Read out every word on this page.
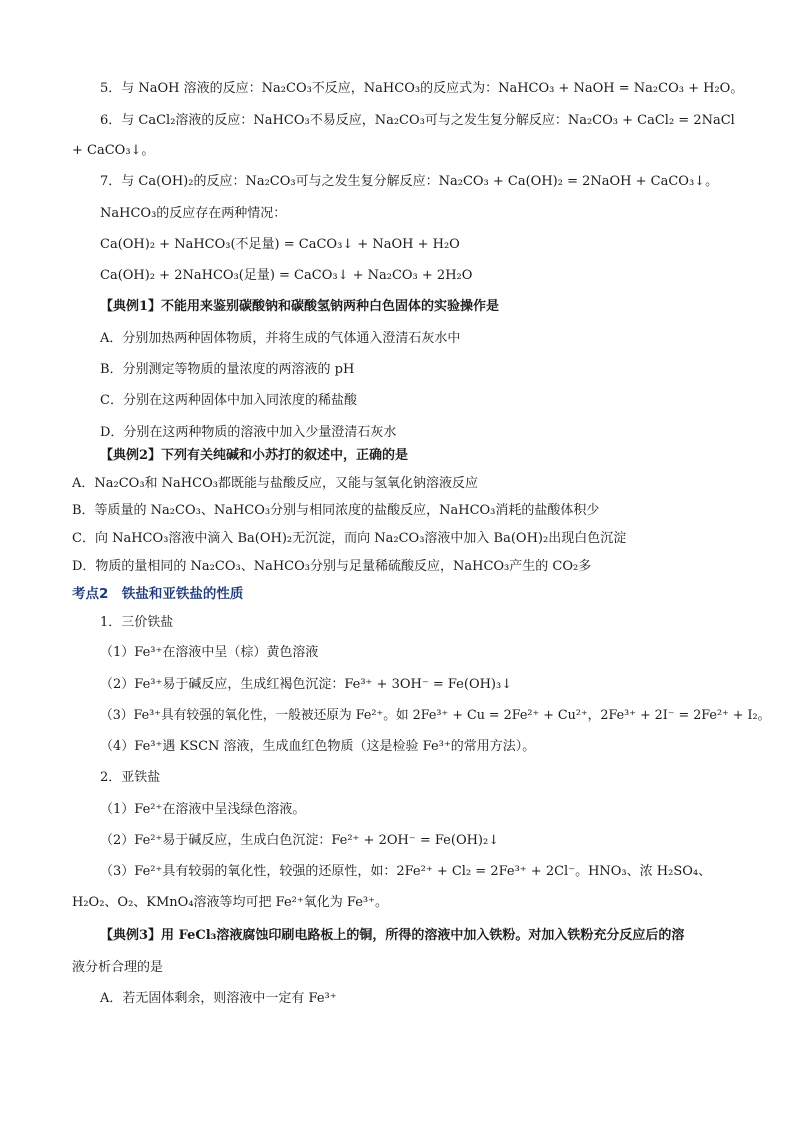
5．与 NaOH 溶液的反应：Na₂CO₃不反应，NaHCO₃的反应式为：NaHCO₃ + NaOH = Na₂CO₃ + H₂O。
6．与 CaCl₂溶液的反应：NaHCO₃不易反应，Na₂CO₃可与之发生复分解反应：Na₂CO₃ + CaCl₂ = 2NaCl
+ CaCO₃↓。
7．与 Ca(OH)₂的反应：Na₂CO₃可与之发生复分解反应：Na₂CO₃ + Ca(OH)₂ = 2NaOH + CaCO₃↓。
NaHCO₃的反应存在两种情况：
Ca(OH)₂ + NaHCO₃(不足量) = CaCO₃↓ + NaOH + H₂O
Ca(OH)₂ + 2NaHCO₃(足量) = CaCO₃↓ + Na₂CO₃ + 2H₂O
【典例1】不能用来鉴别碳酸钠和碳酸氢钠两种白色固体的实验操作是
A．分别加热两种固体物质，并将生成的气体通入澄清石灰水中
B．分别测定等物质的量浓度的两溶液的 pH
C．分别在这两种固体中加入同浓度的稀盐酸
D．分别在这两种物质的溶液中加入少量澄清石灰水
【典例2】下列有关纯碱和小苏打的叙述中，正确的是
A．Na₂CO₃和 NaHCO₃都既能与盐酸反应，又能与氢氧化钠溶液反应
B．等质量的 Na₂CO₃、NaHCO₃分别与相同浓度的盐酸反应，NaHCO₃消耗的盐酸体积少
C．向 NaHCO₃溶液中滴入 Ba(OH)₂无沉淀，而向 Na₂CO₃溶液中加入 Ba(OH)₂出现白色沉淀
D．物质的量相同的 Na₂CO₃、NaHCO₃分别与足量稀硫酸反应，NaHCO₃产生的 CO₂多
考点2　铁盐和亚铁盐的性质
1．三价铁盐
（1）Fe³⁺在溶液中呈（棕）黄色溶液
（2）Fe³⁺易于碱反应，生成红褐色沉淀：Fe³⁺ + 3OH⁻ = Fe(OH)₃↓
（3）Fe³⁺具有较强的氧化性，一般被还原为 Fe²⁺。如 2Fe³⁺ + Cu = 2Fe²⁺ + Cu²⁺，2Fe³⁺ + 2I⁻ = 2Fe²⁺ + I₂。
（4）Fe³⁺遇 KSCN 溶液，生成血红色物质（这是检验 Fe³⁺的常用方法）。
2．亚铁盐
（1）Fe²⁺在溶液中呈浅绿色溶液。
（2）Fe²⁺易于碱反应，生成白色沉淀：Fe²⁺ + 2OH⁻ = Fe(OH)₂↓
（3）Fe²⁺具有较弱的氧化性，较强的还原性，如：2Fe²⁺ + Cl₂ = 2Fe³⁺ + 2Cl⁻。HNO₃、浓 H₂SO₄、
H₂O₂、O₂、KMnO₄溶液等均可把 Fe²⁺氧化为 Fe³⁺。
【典例3】用 FeCl₃溶液腐蚀印刷电路板上的铜，所得的溶液中加入铁粉。对加入铁粉充分反应后的溶
液分析合理的是
A．若无固体剩余，则溶液中一定有 Fe³⁺
